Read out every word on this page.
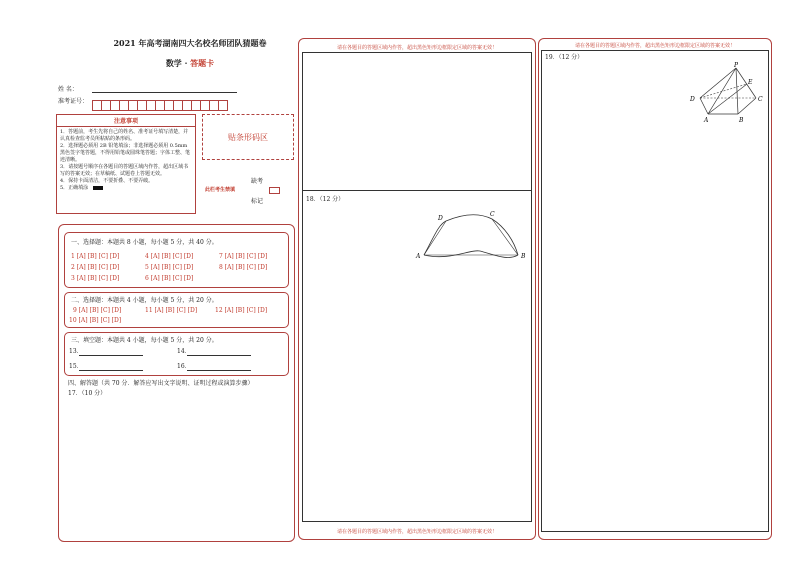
2021 年高考湖南四大名校名师团队猜题卷
数学 · 答题卡
姓 名：
准考证号：
注意事项
1．答题前，考生先将自己的姓名、准考证号填写清楚，并认真检查监考员所粘贴的条形码。
2．选择题必须用 2B 铅笔填涂；非选择题必须用 0.5mm 黑色签字笔答题，不得用铅笔或圆珠笔答题；字体工整、笔迹清晰。
3．请按题号顺序在各题目的答题区域内作答，超出区域书写的答案无效；在草稿纸、试题卷上答题无效。
4．保持卡面清洁，不要折叠、不要弄破。
5．正确填涂
贴条形码区
缺考
此栏考生禁填
标记
一、选择题：本题共 8 小题，每小题 5 分，共 40 分。
1 [A] [B] [C] [D]	4 [A] [B] [C] [D]	7 [A] [B] [C] [D]
2 [A] [B] [C] [D]	5 [A] [B] [C] [D]	8 [A] [B] [C] [D]
3 [A] [B] [C] [D]	6 [A] [B] [C] [D]
二、选择题：本题共 4 小题，每小题 5 分，共 20 分。
9 [A] [B] [C] [D]	11 [A] [B] [C] [D]	12 [A] [B] [C] [D]
10 [A] [B] [C] [D]
三、填空题：本题共 4 小题，每小题 5 分，共 20 分。
13．	14．
15．	16．
四、解答题（共 70 分．解答应写出文字说明、证明过程或演算步骤）
17．（10 分）
请在各题目的答题区域内作答，超出黑色矩形边框限定区域的答案无效！
18．（12 分）
A	B
C
D
请在各题目的答题区域内作答，超出黑色矩形边框限定区域的答案无效！
请在各题目的答题区域内作答，超出黑色矩形边框限定区域的答案无效！
19．（12 分）
P
E
D	C
A	B
